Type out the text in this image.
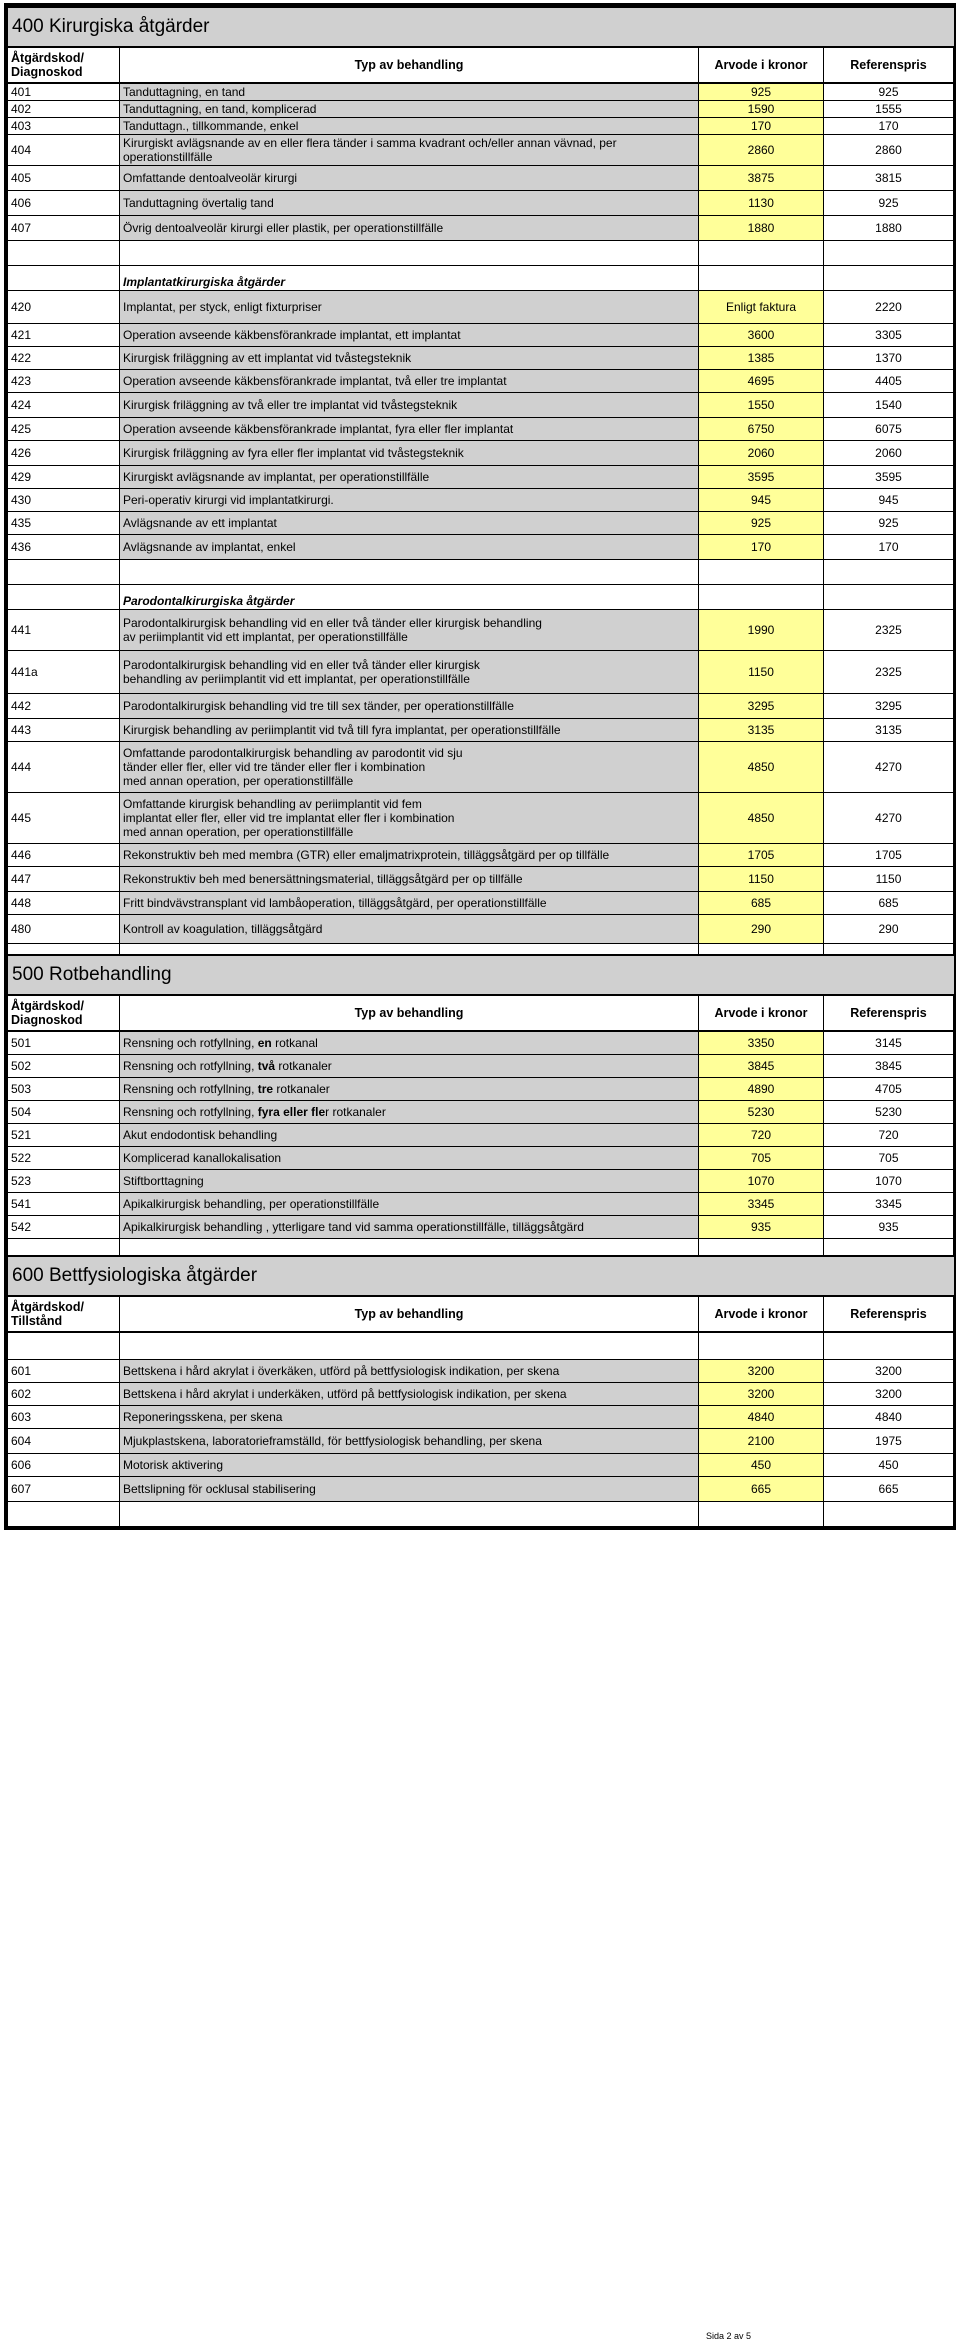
400 Kirurgiska åtgärder			
Åtgärdskod/
Diagnoskod	Typ av behandling	Arvode i kronor	Referenspris
401	Tanduttagning, en tand	925	925
402	Tanduttagning, en tand, komplicerad	1590	1555
403	Tanduttagn., tillkommande, enkel	170	170
404	Kirurgiskt avlägsnande av en eller flera tänder i samma kvadrant och/eller annan vävnad, per operationstillfälle	2860	2860
405	Omfattande dentoalveolär kirurgi	3875	3815
406	Tanduttagning övertalig tand	1130	925
407	Övrig dentoalveolär kirurgi eller plastik, per operationstillfälle	1880	1880

	Implantatkirurgiska åtgärder		
420	Implantat, per styck, enligt fixturpriser	Enligt faktura	2220
421	Operation avseende käkbensförankrade implantat, ett implantat	3600	3305
422	Kirurgisk friläggning av ett implantat vid tvåstegsteknik	1385	1370
423	Operation avseende käkbensförankrade implantat, två eller tre implantat	4695	4405
424	Kirurgisk friläggning av två eller tre implantat vid tvåstegsteknik	1550	1540
425	Operation avseende käkbensförankrade implantat, fyra eller fler implantat	6750	6075
426	Kirurgisk friläggning av fyra eller fler implantat vid tvåstegsteknik	2060	2060
429	Kirurgiskt avlägsnande av implantat, per operationstillfälle	3595	3595
430	Peri-operativ kirurgi vid implantatkirurgi.	945	945
435	Avlägsnande av ett implantat	925	925
436	Avlägsnande av implantat, enkel	170	170

	Parodontalkirurgiska åtgärder		
441	Parodontalkirurgisk behandling vid en eller två tänder eller kirurgisk behandling
av periimplantit vid ett implantat, per operationstillfälle	1990	2325
441a	Parodontalkirurgisk behandling vid en eller två tänder eller kirurgisk
behandling av periimplantit vid ett implantat, per operationstillfälle	1150	2325
442	Parodontalkirurgisk behandling vid tre till sex tänder, per operationstillfälle	3295	3295
443	Kirurgisk behandling av periimplantit vid två till fyra implantat, per operationstillfälle	3135	3135
444	Omfattande parodontalkirurgisk behandling av parodontit vid sju
tänder eller fler, eller vid tre tänder eller fler i kombination
med annan operation, per operationstillfälle	4850	4270
445	Omfattande kirurgisk behandling av periimplantit vid fem
implantat eller fler, eller vid tre implantat eller fler i kombination
med annan operation, per operationstillfälle	4850	4270
446	Rekonstruktiv beh med membra (GTR) eller emaljmatrixprotein, tilläggsåtgärd per op tillfälle	1705	1705
447	Rekonstruktiv beh med benersättningsmaterial, tilläggsåtgärd per op tillfälle	1150	1150
448	Fritt bindvävstransplant vid lambåoperation, tilläggsåtgärd, per operationstillfälle	685	685
480	Kontroll av koagulation, tilläggsåtgärd	290	290

500 Rotbehandling			
Åtgärdskod/
Diagnoskod	Typ av behandling	Arvode i kronor	Referenspris
501	Rensning och rotfyllning, en rotkanal	3350	3145
502	Rensning och rotfyllning, två rotkanaler	3845	3845
503	Rensning och rotfyllning, tre rotkanaler	4890	4705
504	Rensning och rotfyllning, fyra eller fler rotkanaler	5230	5230
521	Akut endodontisk behandling	720	720
522	Komplicerad kanallokalisation	705	705
523	Stiftborttagning	1070	1070
541	Apikalkirurgisk behandling, per operationstillfälle	3345	3345
542	Apikalkirurgisk behandling , ytterligare tand vid samma operationstillfälle, tilläggsåtgärd	935	935

600 Bettfysiologiska åtgärder			
Åtgärdskod/
Tillstånd	Typ av behandling	Arvode i kronor	Referenspris

601	Bettskena i hård akrylat i överkäken, utförd på bettfysiologisk indikation, per skena	3200	3200
602	Bettskena i hård akrylat i underkäken, utförd på bettfysiologisk indikation, per skena	3200	3200
603	Reponeringsskena, per skena	4840	4840
604	Mjukplastskena, laboratorieframställd, för bettfysiologisk behandling, per skena	2100	1975
606	Motorisk aktivering	450	450
607	Bettslipning för ocklusal stabilisering	665	665

Sida 2 av 5
